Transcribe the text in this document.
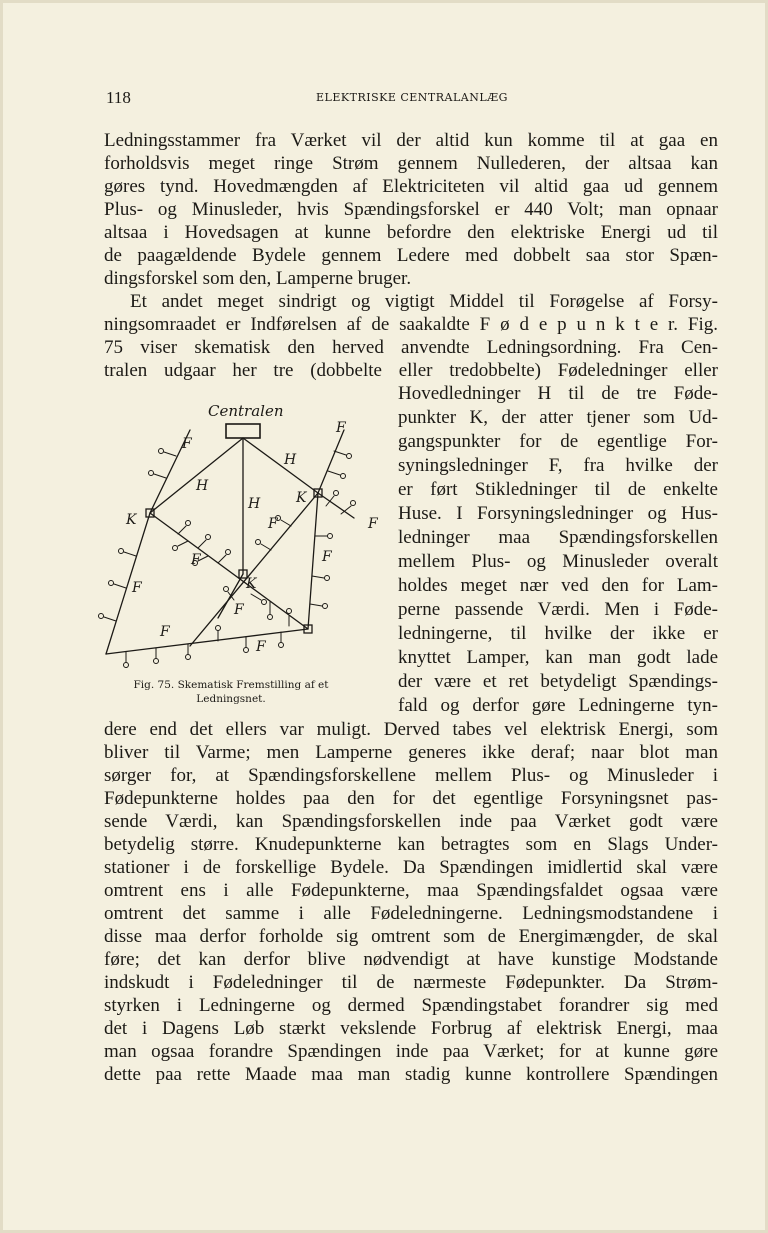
118	ELEKTRISKE CENTRALANLÆG
Ledningsstammer fra Værket vil der altid kun komme til at gaa en
forholdsvis meget ringe Strøm gennem Nullederen, der altsaa kan
gøres tynd. Hovedmængden af Elektriciteten vil altid gaa ud gennem
Plus- og Minusleder, hvis Spændingsforskel er 440 Volt; man opnaar
altsaa i Hovedsagen at kunne befordre den elektriske Energi ud til
de paagældende Bydele gennem Ledere med dobbelt saa stor Spæn-
dingsforskel som den, Lamperne bruger.
Et andet meget sindrigt og vigtigt Middel til Forøgelse af Forsy-
ningsomraadet er Indførelsen af de saakaldte F ø d e p u n k t e r. Fig.
75 viser skematisk den herved anvendte Ledningsordning. Fra Cen-
tralen udgaar her tre (dobbelte eller tredobbelte) Fødeledninger eller
Hovedledninger H til de tre Føde-
punkter K, der atter tjener som Ud-
gangspunkter for de egentlige For-
syningsledninger F, fra hvilke der
er ført Stikledninger til de enkelte
Huse. I Forsyningsledninger og Hus-
ledninger maa Spændingsforskellen
mellem Plus- og Minusleder overalt
holdes meget nær ved den for Lam-
perne passende Værdi. Men i Føde-
ledningerne, til hvilke der ikke er
knyttet Lamper, kan man godt lade
der være et ret betydeligt Spændings-
fald og derfor gøre Ledningerne tyn-
dere end det ellers var muligt. Derved tabes vel elektrisk Energi, som
bliver til Varme; men Lamperne generes ikke deraf; naar blot man
sørger for, at Spændingsforskellene mellem Plus- og Minusleder i
Fødepunkterne holdes paa den for det egentlige Forsyningsnet pas-
sende Værdi, kan Spændingsforskellen inde paa Værket godt være
betydelig større. Knudepunkterne kan betragtes som en Slags Under-
stationer i de forskellige Bydele. Da Spændingen imidlertid skal være
omtrent ens i alle Fødepunkterne, maa Spændingsfaldet ogsaa være
omtrent det samme i alle Fødeledningerne. Ledningsmodstandene i
disse maa derfor forholde sig omtrent som de Energimængder, de skal
føre; det kan derfor blive nødvendigt at have kunstige Modstande
indskudt i Fødeledninger til de nærmeste Fødepunkter. Da Strøm-
styrken i Ledningerne og dermed Spændingstabet forandrer sig med
det i Dagens Løb stærkt vekslende Forbrug af elektrisk Energi, maa
man ogsaa forandre Spændingen inde paa Værket; for at kunne gøre
dette paa rette Maade maa man stadig kunne kontrollere Spændingen
Centralen
F
F
F
F
F
F
F
F
F
F
H
H
H
K
K
K
Fig. 75. Skematisk Fremstilling af et
Ledningsnet.
